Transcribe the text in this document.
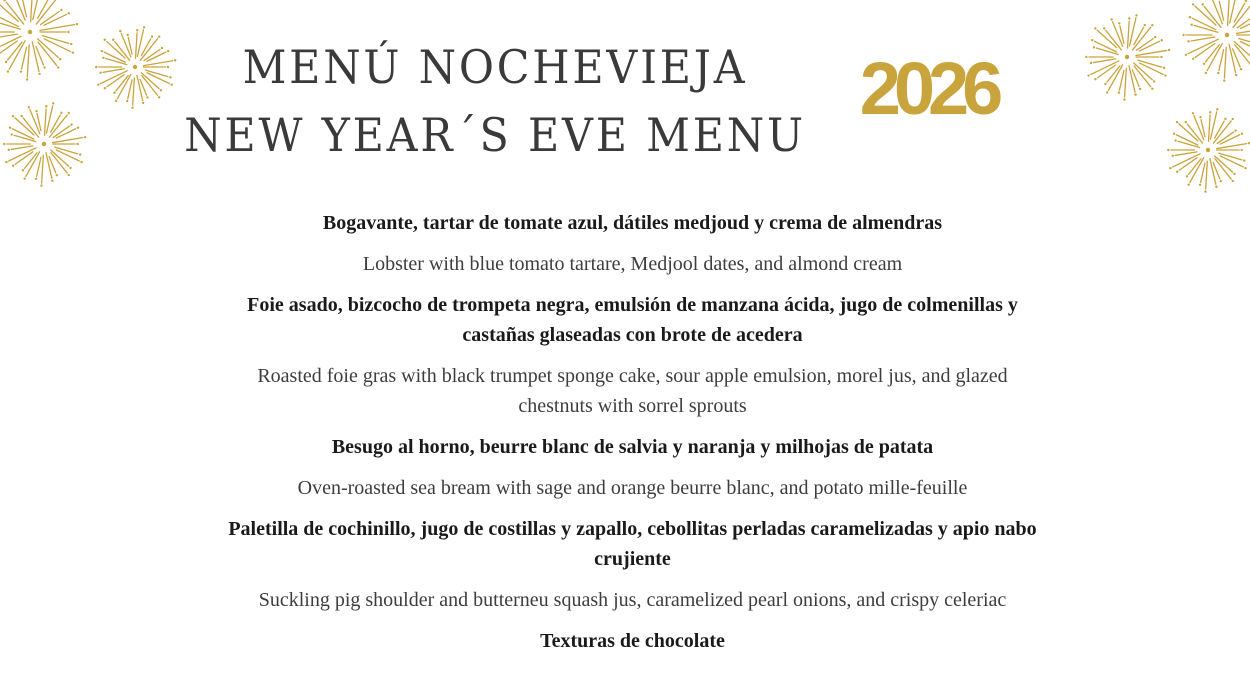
MENÚ NOCHEVIEJA
NEW YEAR´S EVE MENU
2026

Bogavante, tartar de tomate azul, dátiles medjoud y crema de almendras

Lobster with blue tomato tartare, Medjool dates, and almond cream

Foie asado, bizcocho de trompeta negra, emulsión de manzana ácida, jugo de colmenillas y castañas glaseadas con brote de acedera

Roasted foie gras with black trumpet sponge cake, sour apple emulsion, morel jus, and glazed chestnuts with sorrel sprouts

Besugo al horno, beurre blanc de salvia y naranja y milhojas de patata

Oven-roasted sea bream with sage and orange beurre blanc, and potato mille-feuille

Paletilla de cochinillo, jugo de costillas y zapallo, cebollitas perladas caramelizadas y apio nabo crujiente

Suckling pig shoulder and butterneu squash jus, caramelized pearl onions, and crispy celeriac

Texturas de chocolate
